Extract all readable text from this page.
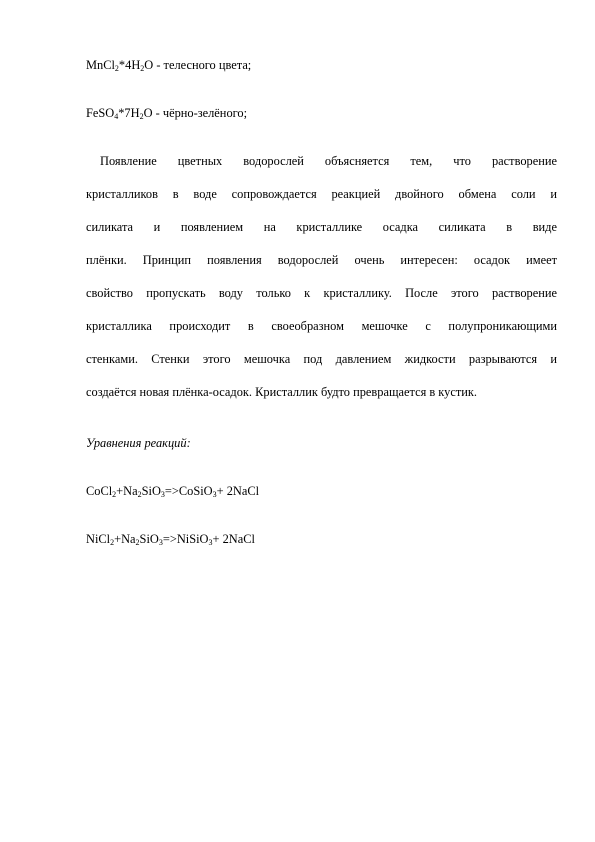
$MnCl_2*4H_2O$ - телесного цвета;
$FeSO_4*7H_2O$ - чёрно-зелёного;
Появление цветных водорослей объясняется тем, что растворение
кристалликов в воде сопровождается реакцией двойного обмена соли и
силиката и появлением на кристаллике осадка силиката в виде
плёнки. Принцип появления водорослей очень интересен: осадок имеет
свойство пропускать воду только к кристаллику. После этого растворение
кристаллика происходит в своеобразном мешочке с полупроникающими
стенками. Стенки этого мешочка под давлением жидкости разрываются и
создаётся новая плёнка-осадок. Кристаллик будто превращается в кустик.
Уравнения реакций:
$CoCl_2+Na_2SiO_3=>CoSiO_3+$ 2NaCl
$NiCl_2+Na_2SiO_3=>NiSiO_3+$ 2NaCl
